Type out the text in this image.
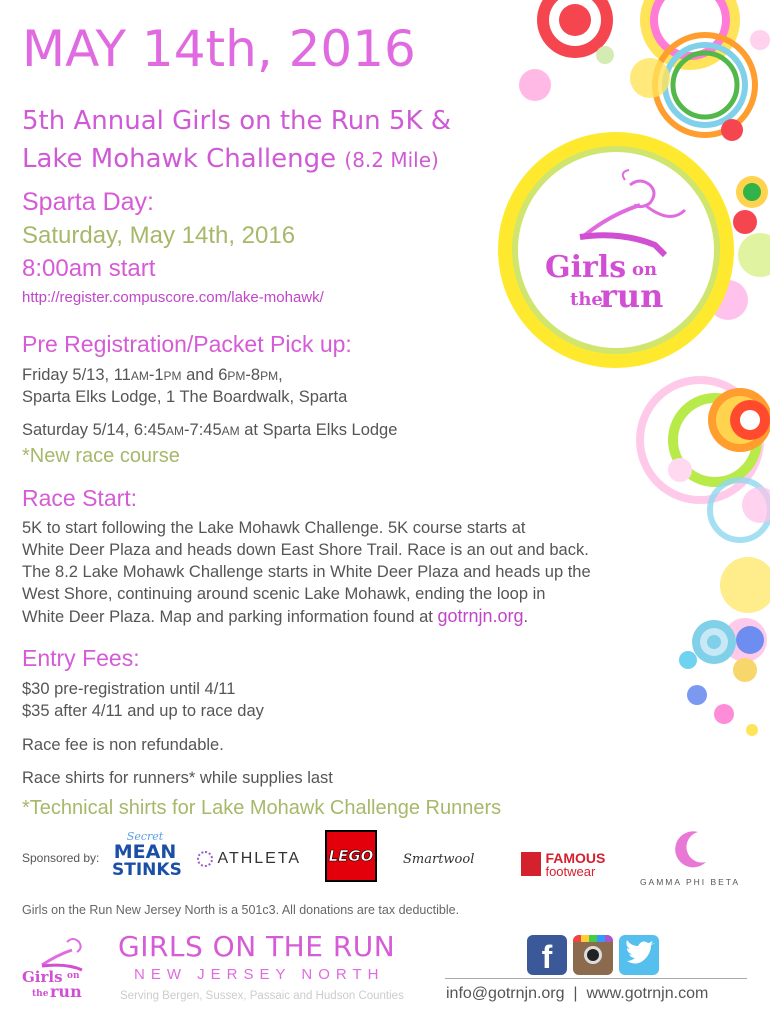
Girls on
the
run
MAY 14th, 2016
5th Annual Girls on the Run 5K &
Lake Mohawk Challenge (8.2 Mile)
Sparta Day:
Saturday, May 14th, 2016
8:00am start
http://register.compuscore.com/lake-mohawk/
Pre Registration/Packet Pick up:
Friday 5/13, 11AM-1PM and 6PM-8PM,
Sparta Elks Lodge, 1 The Boardwalk, Sparta
Saturday 5/14, 6:45AM-7:45AM at Sparta Elks Lodge
*New race course
Race Start:
5K to start following the Lake Mohawk Challenge. 5K course starts at
White Deer Plaza and heads down East Shore Trail. Race is an out and back.
The 8.2 Lake Mohawk Challenge starts in White Deer Plaza and heads up the
West Shore, continuing around scenic Lake Mohawk, ending the loop in
White Deer Plaza. Map and parking information found at gotrnjn.org.
Entry Fees:
$30 pre-registration until 4/11
$35 after 4/11 and up to race day
Race fee is non refundable.
Race shirts for runners* while supplies last
*Technical shirts for Lake Mohawk Challenge Runners
Sponsored by:
Secret
MEAN
STINKS
ATHLETA LEGO Smartwool
	FAMOUS
footwear
GAMMA PHI BETA
Girls on the Run New Jersey North is a 501c3. All donations are tax deductible.
Girls on
the run
GIRLS ON THE RUN
NEW JERSEY NORTH
Serving Bergen, Sussex, Passaic and Hudson Counties
f
info@gotrnjn.org  |  www.gotrnjn.com
